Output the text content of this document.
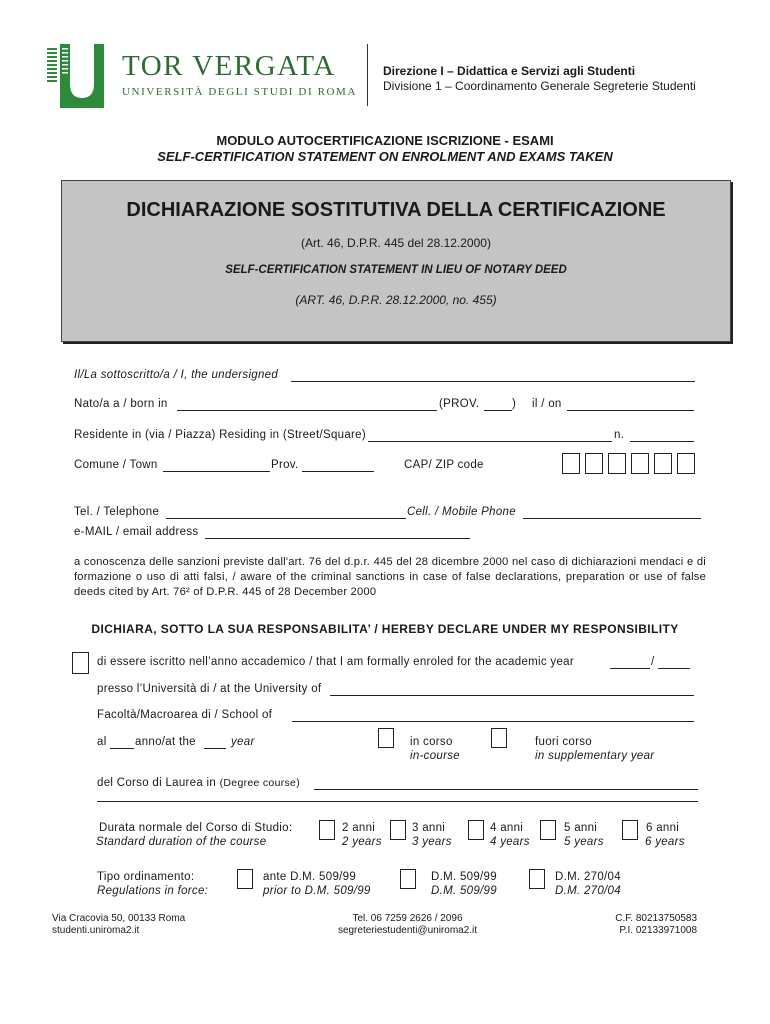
TOR VERGATA
UNIVERSITÀ DEGLI STUDI DI ROMA
Direzione I – Didattica e Servizi agli Studenti
Divisione 1 – Coordinamento Generale Segreterie Studenti
MODULO AUTOCERTIFICAZIONE ISCRIZIONE - ESAMI
SELF-CERTIFICATION STATEMENT ON ENROLMENT AND EXAMS TAKEN
DICHIARAZIONE SOSTITUTIVA DELLA CERTIFICAZIONE
(Art. 46, D.P.R. 445 del 28.12.2000)
SELF-CERTIFICATION STATEMENT IN LIEU OF NOTARY DEED
(ART. 46, D.P.R. 28.12.2000, no. 455)
Il/La sottoscritto/a / I, the undersigned
Nato/a a / born in	(PROV.	) il / on
Residente in (via / Piazza) Residing in (Street/Square)	n.
Comune / Town	Prov.	CAP/ ZIP code
Tel. / Telephone	Cell. / Mobile Phone
e-MAIL / email address
a conoscenza delle sanzioni previste dall'art. 76 del d.p.r. 445 del 28 dicembre 2000 nel caso di dichiarazioni mendaci e di formazione o uso di atti falsi, / aware of the criminal sanctions in case of false declarations, preparation or use of false deeds cited by Art. 76² of D.P.R. 445 of 28 December 2000
DICHIARA, SOTTO LA SUA RESPONSABILITA’ / HEREBY DECLARE UNDER MY RESPONSIBILITY
di essere iscritto nell’anno accademico / that I am formally enroled for the academic year	/
presso l’Università di / at the University of
Facoltà/Macroarea di / School of
al anno/at the	year	in corso
in-course
fuori corso
in supplementary year
del Corso di Laurea in (Degree course)
Durata normale del Corso di Studio:
Standard duration of the course
2 anni
2 years
3 anni
3 years
4 anni
4 years
5 anni
5 years
6 anni
6 years
Tipo ordinamento:
Regulations in force:
ante D.M. 509/99
prior to D.M. 509/99
D.M. 509/99
D.M. 509/99
D.M. 270/04
D.M. 270/04
Via Cracovia 50, 00133 Roma
studenti.uniroma2.it
Tel. 06 7259 2626 / 2096
segreteriestudenti@uniroma2.it
C.F. 80213750583
P.I. 02133971008
